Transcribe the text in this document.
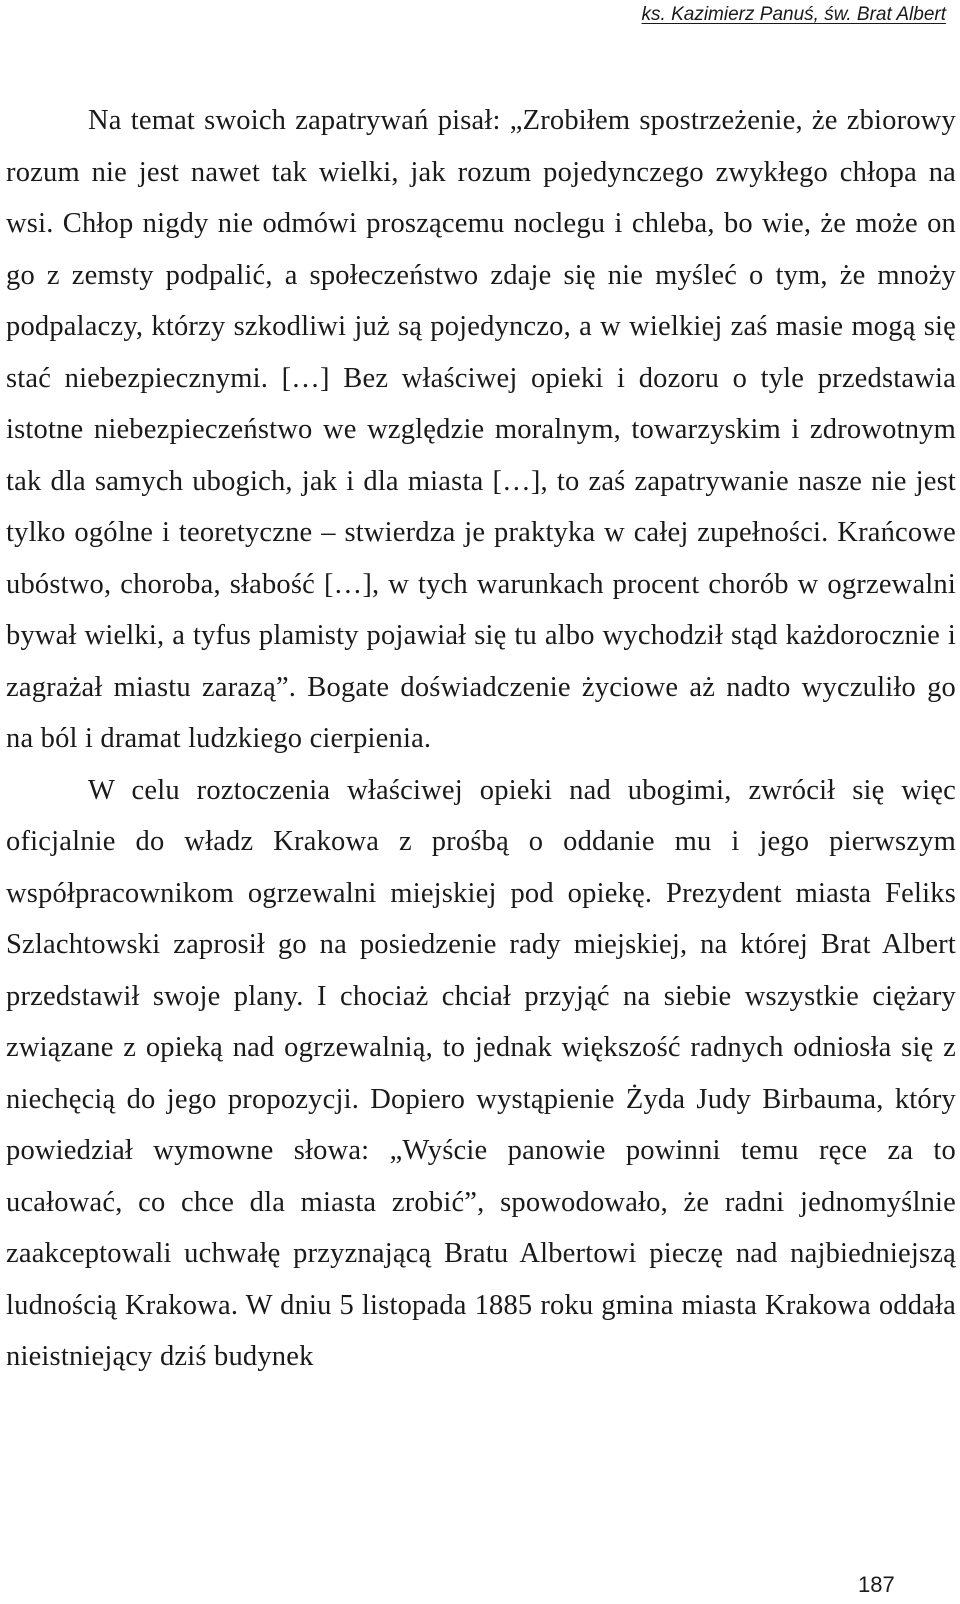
ks. Kazimierz Panuś, św. Brat Albert

Na temat swoich zapatrywań pisał: „Zrobiłem spostrzeżenie, że zbiorowy rozum nie jest nawet tak wielki, jak rozum pojedynczego zwykłego chłopa na wsi. Chłop nigdy nie odmówi proszącemu noclegu i chleba, bo wie, że może on go z zemsty podpalić, a społeczeństwo zdaje się nie myśleć o tym, że mnoży podpalaczy, którzy szkodliwi już są pojedynczo, a w wielkiej zaś masie mogą się stać niebezpiecznymi. […] Bez właściwej opieki i dozoru o tyle przedstawia istotne niebezpieczeństwo we względzie moralnym, towarzyskim i zdrowotnym tak dla samych ubogich, jak i dla miasta […], to zaś zapatrywanie nasze nie jest tylko ogólne i teoretyczne – stwierdza je praktyka w całej zupełności. Krańcowe ubóstwo, choroba, słabość […], w tych warunkach procent chorób w ogrzewalni bywał wielki, a tyfus plamisty pojawiał się tu albo wychodził stąd każdorocznie i zagrażał miastu zarazą”. Bogate doświadczenie życiowe aż nadto wyczuliło go na ból i dramat ludzkiego cierpienia.

W celu roztoczenia właściwej opieki nad ubogimi, zwrócił się więc oficjalnie do władz Krakowa z prośbą o oddanie mu i jego pierwszym współpracownikom ogrzewalni miejskiej pod opiekę. Prezydent miasta Feliks Szlachtowski zaprosił go na posiedzenie rady miejskiej, na której Brat Albert przedstawił swoje plany. I chociaż chciał przyjąć na siebie wszystkie ciężary związane z opieką nad ogrzewalnią, to jednak większość radnych odniosła się z niechęcią do jego propozycji. Dopiero wystąpienie Żyda Judy Birbauma, który powiedział wymowne słowa: „Wyście panowie powinni temu ręce za to ucałować, co chce dla miasta zrobić”, spowodowało, że radni jednomyślnie zaakceptowali uchwałę przyznającą Bratu Albertowi pieczę nad najbiedniejszą ludnością Krakowa. W dniu 5 listopada 1885 roku gmina miasta Krakowa oddała nieistniejący dziś budynek

187
